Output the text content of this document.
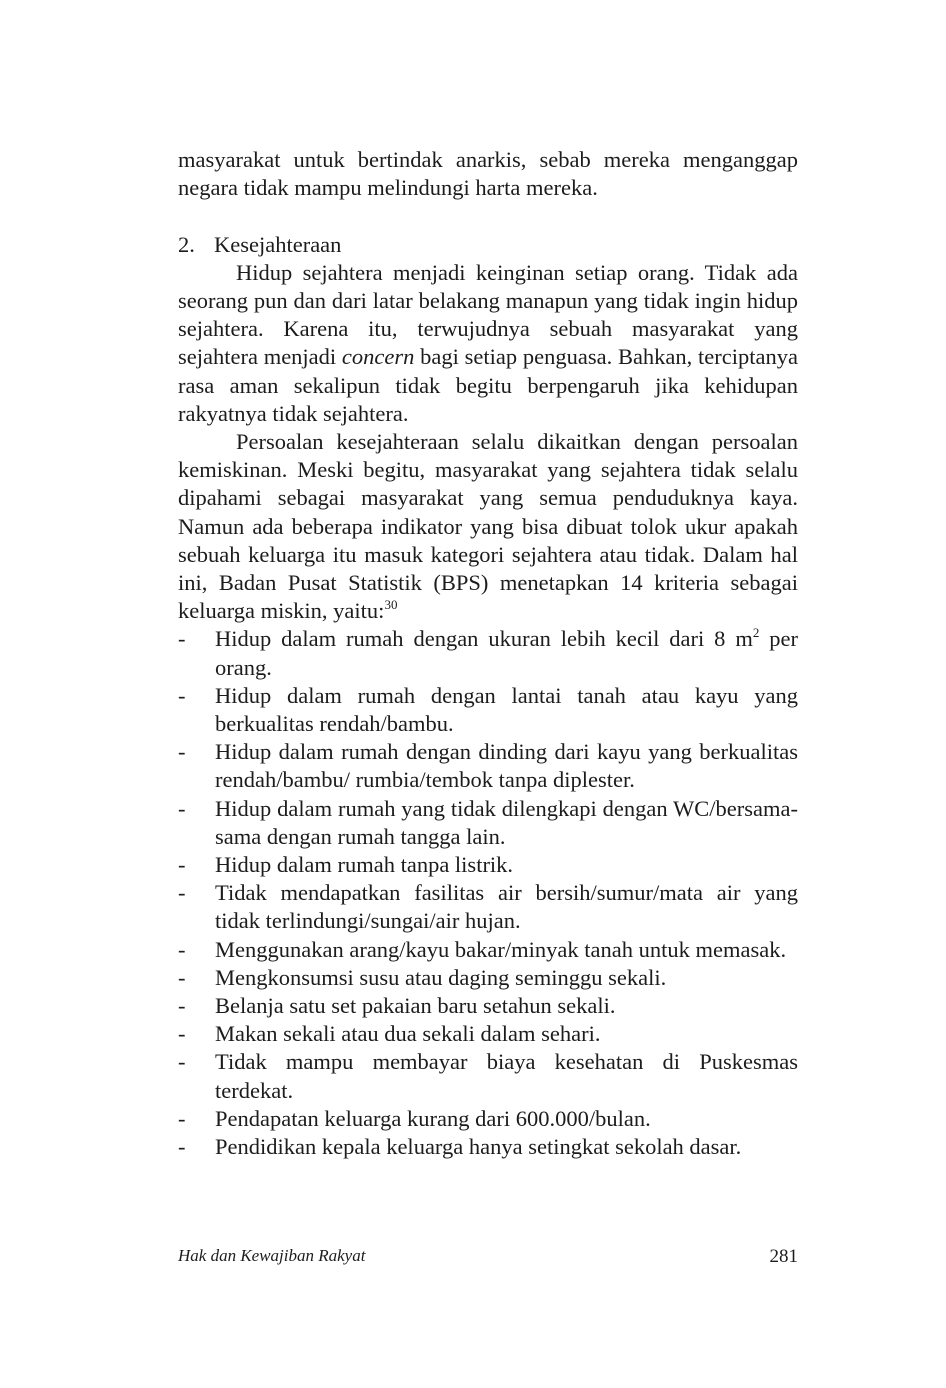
masyarakat untuk bertindak anarkis, sebab mereka menganggap negara tidak mampu melindungi harta mereka.

2. Kesejahteraan

Hidup sejahtera menjadi keinginan setiap orang. Tidak ada seorang pun dan dari latar belakang manapun yang tidak ingin hidup sejahtera. Karena itu, terwujudnya sebuah masyarakat yang sejahtera menjadi concern bagi setiap penguasa. Bahkan, terciptanya rasa aman sekalipun tidak begitu berpengaruh jika kehidupan rakyatnya tidak sejahtera.

Persoalan kesejahteraan selalu dikaitkan dengan persoalan kemiskinan. Meski begitu, masyarakat yang sejahtera tidak selalu dipahami sebagai masyarakat yang semua penduduknya kaya. Namun ada beberapa indikator yang bisa dibuat tolok ukur apakah sebuah keluarga itu masuk kategori sejahtera atau tidak. Dalam hal ini, Badan Pusat Statistik (BPS) menetapkan 14 kriteria sebagai keluarga miskin, yaitu:$^{30}$

- Hidup dalam rumah dengan ukuran lebih kecil dari 8 $m^2$ per orang.
- Hidup dalam rumah dengan lantai tanah atau kayu yang berkualitas rendah/bambu.
- Hidup dalam rumah dengan dinding dari kayu yang berkualitas rendah/bambu/ rumbia/tembok tanpa diplester.
- Hidup dalam rumah yang tidak dilengkapi dengan WC/bersama-sama dengan rumah tangga lain.
- Hidup dalam rumah tanpa listrik.
- Tidak mendapatkan fasilitas air bersih/sumur/mata air yang tidak terlindungi/sungai/air hujan.
- Menggunakan arang/kayu bakar/minyak tanah untuk memasak.
- Mengkonsumsi susu atau daging seminggu sekali.
- Belanja satu set pakaian baru setahun sekali.
- Makan sekali atau dua sekali dalam sehari.
- Tidak mampu membayar biaya kesehatan di Puskesmas terdekat.
- Pendapatan keluarga kurang dari 600.000/bulan.
- Pendidikan kepala keluarga hanya setingkat sekolah dasar.
Hak dan Kewajiban Rakyat	281
